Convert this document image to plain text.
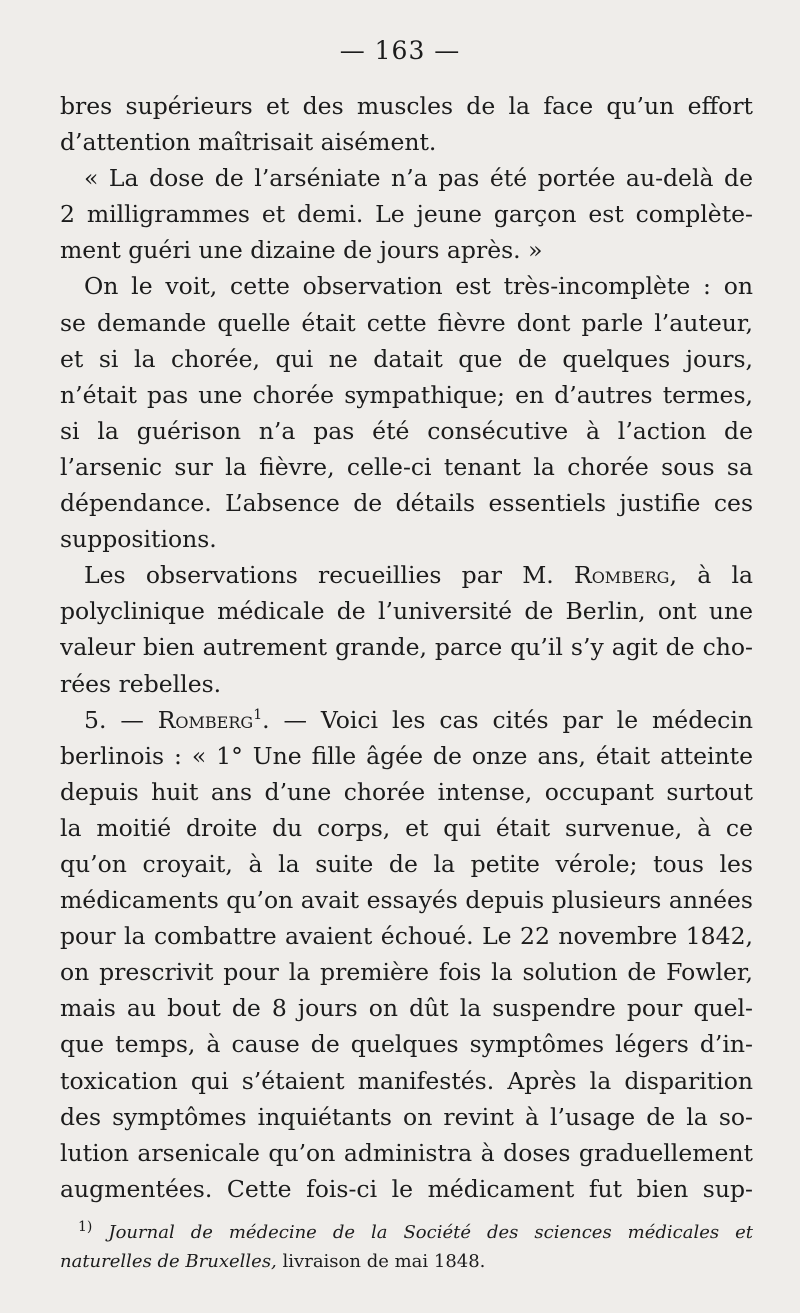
— 163 —
bres supérieurs et des muscles de la face qu’un effort
d’attention maîtrisait aisément.
« La dose de l’arséniate n’a pas été portée au-delà de
2 milligrammes et demi. Le jeune garçon est complète-
ment guéri une dizaine de jours après. »
On le voit, cette observation est très-incomplète : on
se demande quelle était cette fièvre dont parle l’auteur,
et si la chorée, qui ne datait que de quelques jours,
n’était pas une chorée sympathique; en d’autres termes,
si la guérison n’a pas été consécutive à l’action de
l’arsenic sur la fièvre, celle-ci tenant la chorée sous sa
dépendance. L’absence de détails essentiels justifie ces
suppositions.
Les observations recueillies par M. Romberg, à la
polyclinique médicale de l’université de Berlin, ont une
valeur bien autrement grande, parce qu’il s’y agit de cho-
rées rebelles.
5. — Romberg$^1$. — Voici les cas cités par le médecin
berlinois : « 1° Une fille âgée de onze ans, était atteinte
depuis huit ans d’une chorée intense, occupant surtout
la moitié droite du corps, et qui était survenue, à ce
qu’on croyait, à la suite de la petite vérole; tous les
médicaments qu’on avait essayés depuis plusieurs années
pour la combattre avaient échoué. Le 22 novembre 1842,
on prescrivit pour la première fois la solution de Fowler,
mais au bout de 8 jours on dût la suspendre pour quel-
que temps, à cause de quelques symptômes légers d’in-
toxication qui s’étaient manifestés. Après la disparition
des symptômes inquiétants on revint à l’usage de la so-
lution arsenicale qu’on administra à doses graduellement
augmentées. Cette fois-ci le médicament fut bien sup-
$^{1)}$ Journal de médecine de la Société des sciences médicales et
naturelles de Bruxelles, livraison de mai 1848.
